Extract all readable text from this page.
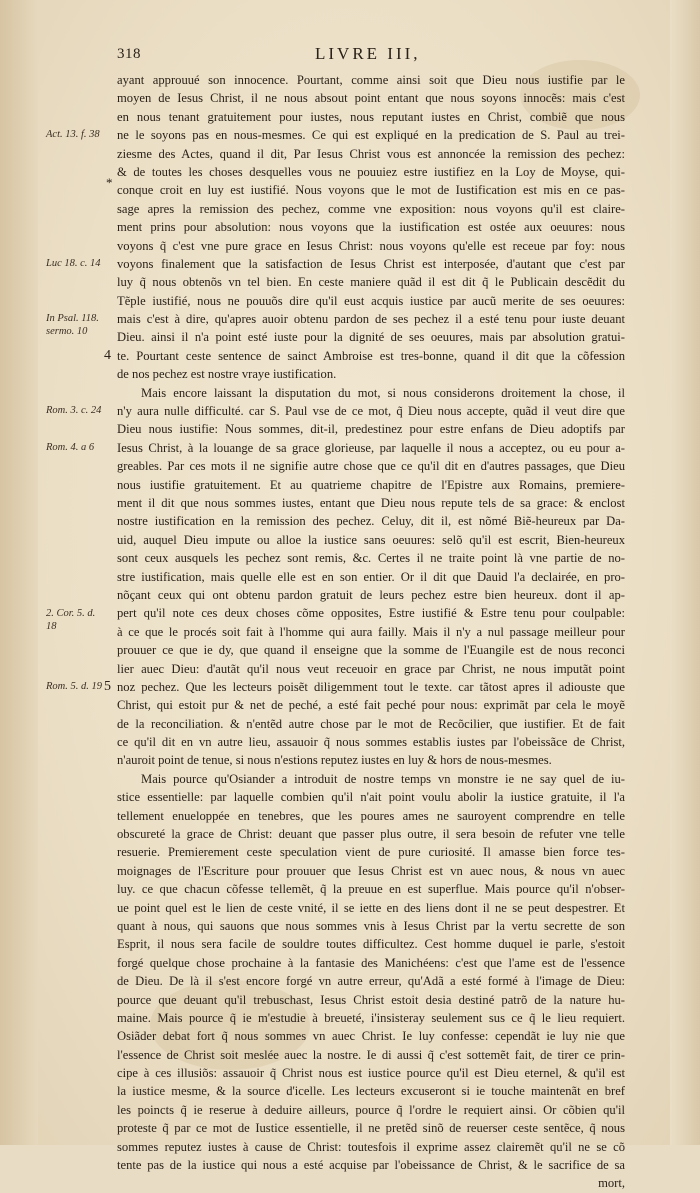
318	LIVRE III,
Act. 13. f. 38
Luc 18. c. 14
In Psal. 118. sermo. 10
Rom. 3. c. 24
Rom. 4. a 6
2. Cor. 5. d. 18
Rom. 5. d. 19
4
5
*
ayant approuué son innocence. Pourtant, comme ainsi soit que Dieu nous iustifie par le
moyen de Iesus Christ, il ne nous absout point entant que nous soyons innocẽs: mais c'est
en nous tenant gratuitement pour iustes, nous reputant iustes en Christ, combiẽ que nous
ne le soyons pas en nous-mesmes. Ce qui est expliqué en la predication de S. Paul au trei-
ziesme des Actes, quand il dit, Par Iesus Christ vous est annoncée la remission des pechez:
& de toutes les choses desquelles vous ne pouuiez estre iustifiez en la Loy de Moyse, qui-
conque croit en luy est iustifié. Nous voyons que le mot de Iustification est mis en ce pas-
sage apres la remission des pechez, comme vne exposition: nous voyons qu'il est claire-
ment prins pour absolution: nous voyons que la iustification est ostée aux oeuures: nous
voyons q̃ c'est vne pure grace en Iesus Christ: nous voyons qu'elle est receue par foy: nous
voyons finalement que la satisfaction de Iesus Christ est interposée, d'autant que c'est par
luy q̃ nous obtenõs vn tel bien. En ceste maniere quãd il est dit q̃ le Publicain descẽdit du
Tẽple iustifié, nous ne pouuõs dire qu'il eust acquis iustice par aucũ merite de ses oeuures:
mais c'est à dire, qu'apres auoir obtenu pardon de ses pechez il a esté tenu pour iuste deuant
Dieu. ainsi il n'a point esté iuste pour la dignité de ses oeuures, mais par absolution gratui-
te. Pourtant ceste sentence de sainct Ambroise est tres-bonne, quand il dit que la cõfession
de nos pechez est nostre vraye iustification.
Mais encore laissant la disputation du mot, si nous considerons droitement la chose, il
n'y aura nulle difficulté. car S. Paul vse de ce mot, q̃ Dieu nous accepte, quãd il veut dire que
Dieu nous iustifie: Nous sommes, dit-il, predestinez pour estre enfans de Dieu adoptifs par
Iesus Christ, à la louange de sa grace glorieuse, par laquelle il nous a acceptez, ou eu pour a-
greables. Par ces mots il ne signifie autre chose que ce qu'il dit en d'autres passages, que Dieu
nous iustifie gratuitement. Et au quatrieme chapitre de l'Epistre aux Romains, premiere-
ment il dit que nous sommes iustes, entant que Dieu nous repute tels de sa grace: & enclost
nostre iustification en la remission des pechez. Celuy, dit il, est nõmé Biẽ-heureux par Da-
uid, auquel Dieu impute ou alloe la iustice sans oeuures: selõ qu'il est escrit, Bien-heureux
sont ceux ausquels les pechez sont remis, &c. Certes il ne traite point là vne partie de no-
stre iustification, mais quelle elle est en son entier. Or il dit que Dauid l'a declairée, en pro-
nõçant ceux qui ont obtenu pardon gratuit de leurs pechez estre bien heureux. dont il ap-
pert qu'il note ces deux choses cõme opposites, Estre iustifié & Estre tenu pour coulpable:
à ce que le procés soit fait à l'homme qui aura failly. Mais il n'y a nul passage meilleur pour
prouuer ce que ie dy, que quand il enseigne que la somme de l'Euangile est de nous reconci
lier auec Dieu: d'autãt qu'il nous veut receuoir en grace par Christ, ne nous imputãt point
noz pechez. Que les lecteurs poisẽt diligemment tout le texte. car tãtost apres il adiouste que
Christ, qui estoit pur & net de peché, a esté fait peché pour nous: exprimãt par cela le moyẽ
de la reconciliation. & n'entẽd autre chose par le mot de Recõcilier, que iustifier. Et de fait
ce qu'il dit en vn autre lieu, assauoir q̃ nous sommes establis iustes par l'obeissãce de Christ,
n'auroit point de tenue, si nous n'estions reputez iustes en luy & hors de nous-mesmes.
Mais pource qu'Osiander a introduit de nostre temps vn monstre ie ne say quel de iu-
stice essentielle: par laquelle combien qu'il n'ait point voulu abolir la iustice gratuite, il l'a
tellement enueloppée en tenebres, que les poures ames ne sauroyent comprendre en telle
obscureté la grace de Christ: deuant que passer plus outre, il sera besoin de refuter vne telle
resuerie. Premierement ceste speculation vient de pure curiosité. Il amasse bien force tes-
moignages de l'Escriture pour prouuer que Iesus Christ est vn auec nous, & nous vn auec
luy. ce que chacun cõfesse tellemẽt, q̃ la preuue en est superflue. Mais pource qu'il n'obser-
ue point quel est le lien de ceste vnité, il se iette en des liens dont il ne se peut despestrer. Et
quant à nous, qui sauons que nous sommes vnis à Iesus Christ par la vertu secrette de son
Esprit, il nous sera facile de souldre toutes difficultez. Cest homme duquel ie parle, s'estoit
forgé quelque chose prochaine à la fantasie des Manichéens: c'est que l'ame est de l'essence
de Dieu. De là il s'est encore forgé vn autre erreur, qu'Adã a esté formé à l'image de Dieu:
pource que deuant qu'il trebuschast, Iesus Christ estoit desia destiné patrõ de la nature hu-
maine. Mais pource q̃ ie m'estudie à breueté, i'insisteray seulement sus ce q̃ le lieu requiert.
Osiãder debat fort q̃ nous sommes vn auec Christ. Ie luy confesse: cependãt ie luy nie que
l'essence de Christ soit meslée auec la nostre. Ie di aussi q̃ c'est sottemẽt fait, de tirer ce prin-
cipe à ces illusiõs: assauoir q̃ Christ nous est iustice pource qu'il est Dieu eternel, & qu'il est
la iustice mesme, & la source d'icelle. Les lecteurs excuseront si ie touche maintenãt en bref
les poincts q̃ ie reserue à deduire ailleurs, pource q̃ l'ordre le requiert ainsi. Or cõbien qu'il
proteste q̃ par ce mot de Iustice essentielle, il ne pretẽd sinõ de reuerser ceste sentẽce, q̃ nous
sommes reputez iustes à cause de Christ: toutesfois il exprime assez clairemẽt qu'il ne se cõ
tente pas de la iustice qui nous a esté acquise par l'obeissance de Christ, & le sacrifice de sa
mort,
